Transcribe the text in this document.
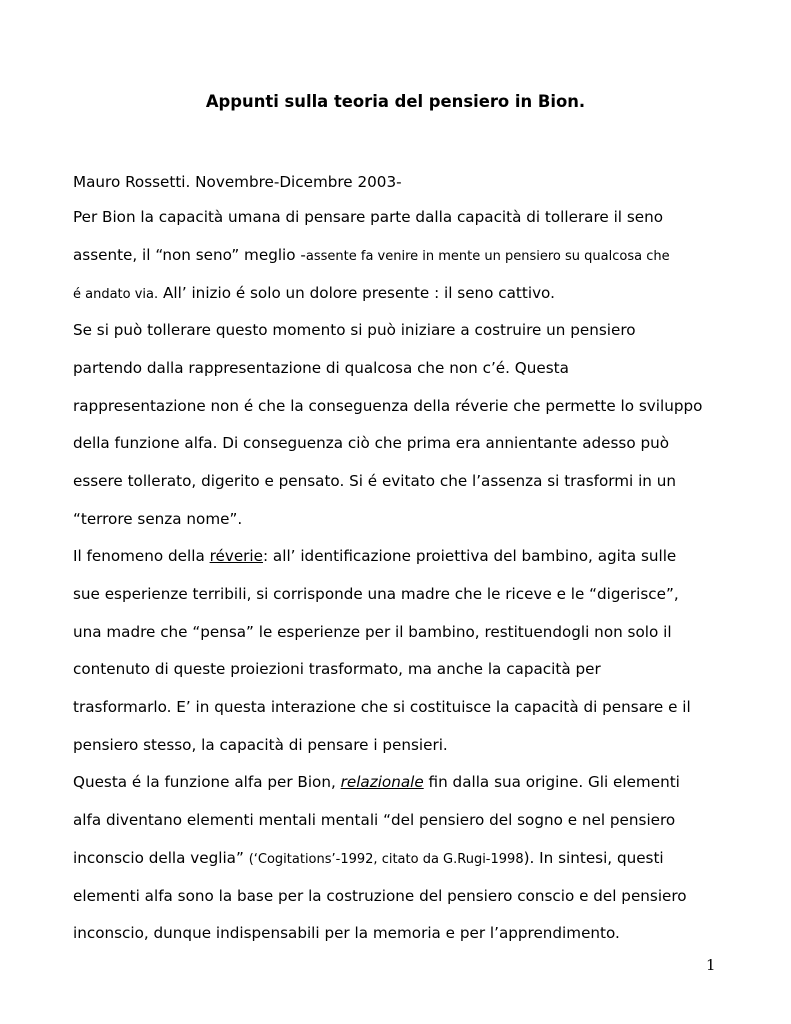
Appunti sulla teoria del pensiero in Bion.
Mauro Rossetti. Novembre-Dicembre 2003-
Per Bion la capacità umana di pensare parte dalla capacità di tollerare il seno
assente, il “non seno” meglio -assente fa venire in mente un pensiero su qualcosa che
é andato via. All’ inizio é solo un dolore presente : il seno cattivo.
Se si può tollerare questo momento si può iniziare a costruire un pensiero
partendo dalla rappresentazione di qualcosa che non c’é. Questa
rappresentazione non é che la conseguenza della réverie che permette lo sviluppo
della funzione alfa. Di conseguenza ciò che prima era annientante adesso può
essere tollerato, digerito e pensato. Si é evitato che l’assenza si trasformi in un
“terrore senza nome”.
Il fenomeno della réverie: all’ identificazione proiettiva del bambino, agita sulle
sue esperienze terribili, si corrisponde una madre che le riceve e le “digerisce”,
una madre che “pensa” le esperienze per il bambino, restituendogli non solo il
contenuto di queste proiezioni trasformato, ma anche la capacità per
trasformarlo. E’ in questa interazione che si costituisce la capacità di pensare e il
pensiero stesso, la capacità di pensare i pensieri.
Questa é la funzione alfa per Bion, relazionale fin dalla sua origine. Gli elementi
alfa diventano elementi mentali mentali “del pensiero del sogno e nel pensiero
inconscio della veglia” (‘Cogitations’-1992, citato da G.Rugi-1998). In sintesi, questi
elementi alfa sono la base per la costruzione del pensiero conscio e del pensiero
inconscio, dunque indispensabili per la memoria e per l’apprendimento.
1
